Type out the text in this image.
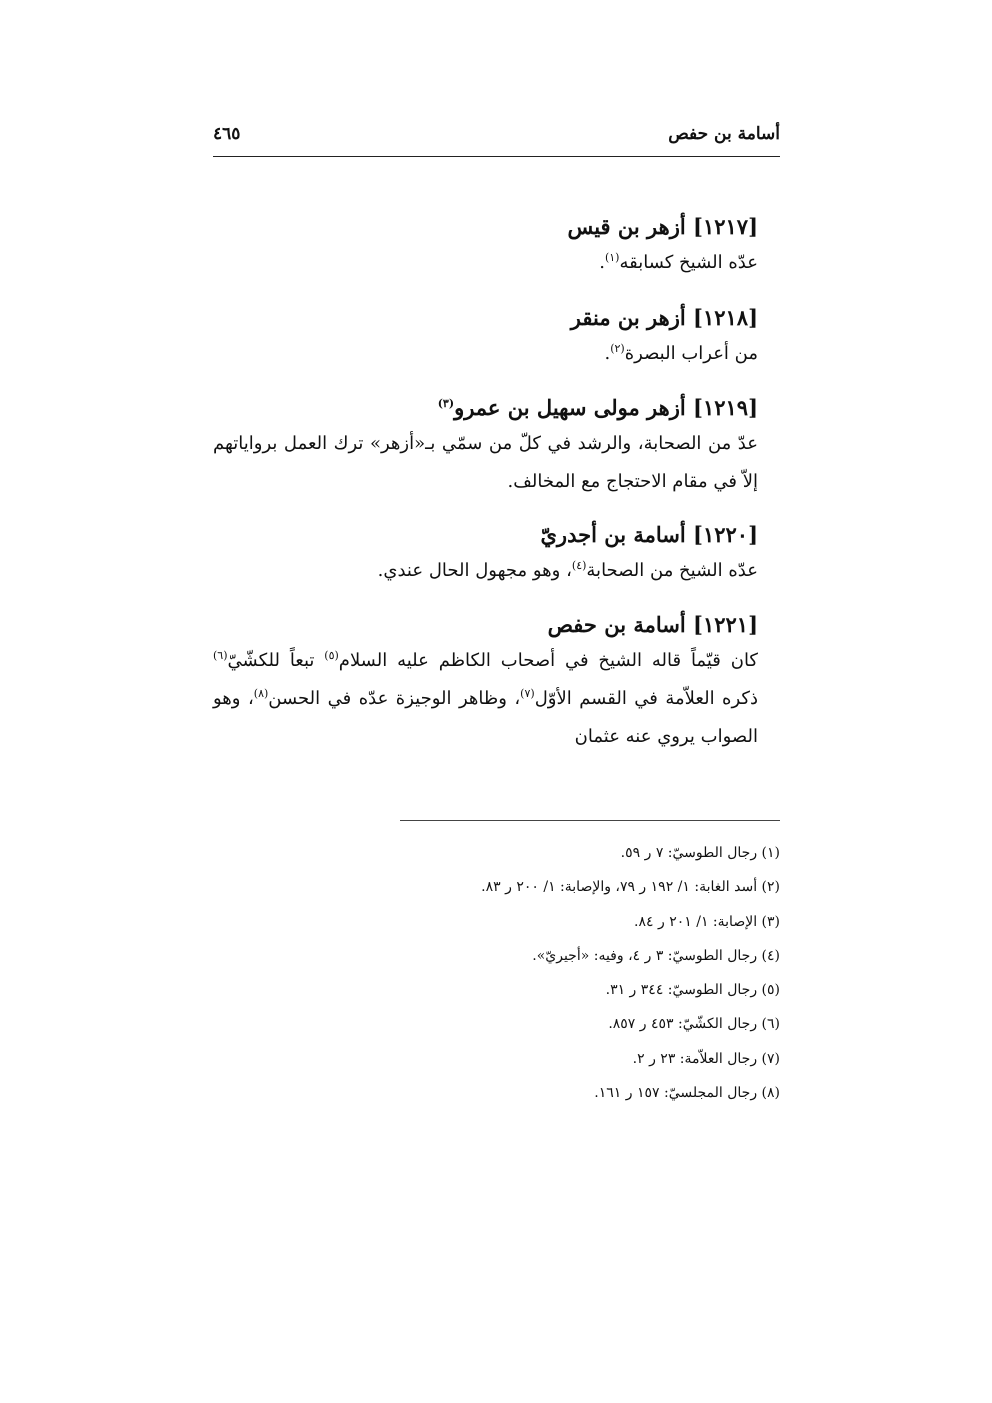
أسامة بن حفص
٤٦٥

[١٢١٧] أزهر بن قيس

عدّه الشيخ كسابقه$^{(١)}$.

[١٢١٨] أزهر بن منقر

من أعراب البصرة$^{(٢)}$.

[١٢١٩] أزهر مولى سهيل بن عمرو$^{(٣)}$

عدّ من الصحابة، والرشد في كلّ من سمّي بـ«أزهر» ترك العمل برواياتهم إلاّ في مقام الاحتجاج مع المخالف.

[١٢٢٠] أسامة بن أجدريّ

عدّه الشيخ من الصحابة$^{(٤)}$، وهو مجهول الحال عندي.

[١٢٢١] أسامة بن حفص

كان قيّماً قاله الشيخ في أصحاب الكاظم عليه السلام$^{(٥)}$ تبعاً للكشّيّ$^{(٦)}$ ذكره العلاّمة في القسم الأوّل$^{(٧)}$، وظاهر الوجيزة عدّه في الحسن$^{(٨)}$، وهو الصواب يروي عنه عثمان

(١) رجال الطوسيّ: ٧ ر ٥٩.

(٢) أسد الغابة: ١/ ١٩٢ ر ٧٩، والإصابة: ١/ ٢٠٠ ر ٨٣.

(٣) الإصابة: ١/ ٢٠١ ر ٨٤.

(٤) رجال الطوسيّ: ٣ ر ٤، وفيه: «أجيريّ».

(٥) رجال الطوسيّ: ٣٤٤ ر ٣١.

(٦) رجال الكشّيّ: ٤٥٣ ر ٨٥٧.

(٧) رجال العلاّمة: ٢٣ ر ٢.

(٨) رجال المجلسيّ: ١٥٧ ر ١٦١.
